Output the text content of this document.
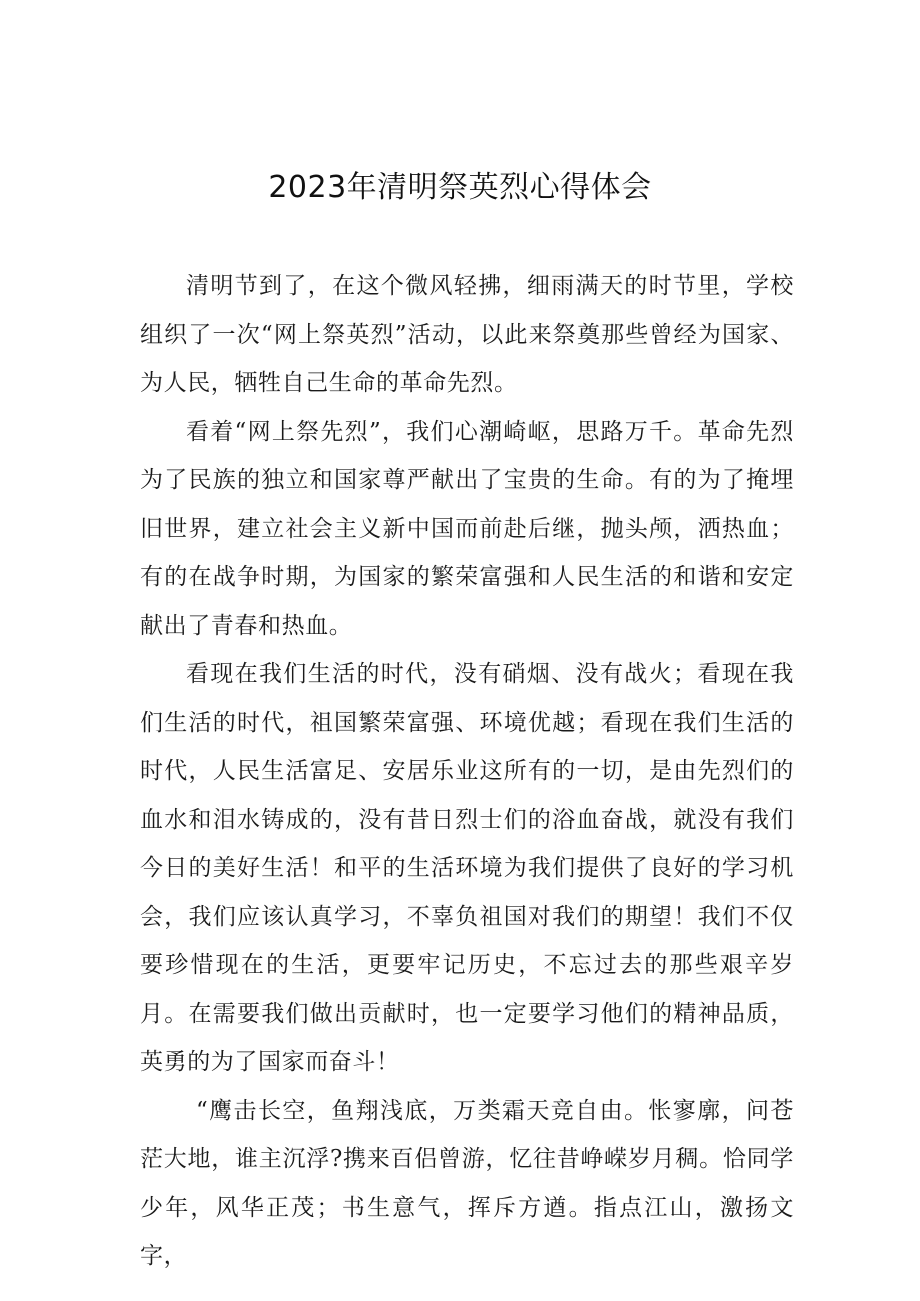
2023年清明祭英烈心得体会

清明节到了，在这个微风轻拂，细雨满天的时节里，学校组织了一次“网上祭英烈”活动，以此来祭奠那些曾经为国家、为人民，牺牲自己生命的革命先烈。

看着“网上祭先烈”，我们心潮崎岖，思路万千。革命先烈为了民族的独立和国家尊严献出了宝贵的生命。有的为了掩埋旧世界，建立社会主义新中国而前赴后继，抛头颅，洒热血；有的在战争时期，为国家的繁荣富强和人民生活的和谐和安定献出了青春和热血。

看现在我们生活的时代，没有硝烟、没有战火；看现在我们生活的时代，祖国繁荣富强、环境优越；看现在我们生活的时代，人民生活富足、安居乐业这所有的一切，是由先烈们的血水和泪水铸成的，没有昔日烈士们的浴血奋战，就没有我们今日的美好生活！和平的生活环境为我们提供了良好的学习机会，我们应该认真学习，不辜负祖国对我们的期望！我们不仅要珍惜现在的生活，更要牢记历史，不忘过去的那些艰辛岁月。在需要我们做出贡献时，也一定要学习他们的精神品质，英勇的为了国家而奋斗！

“鹰击长空，鱼翔浅底，万类霜天竞自由。怅寥廓，问苍茫大地，谁主沉浮?携来百侣曾游，忆往昔峥嵘岁月稠。恰同学少年，风华正茂；书生意气，挥斥方遒。指点江山，激扬文字，
